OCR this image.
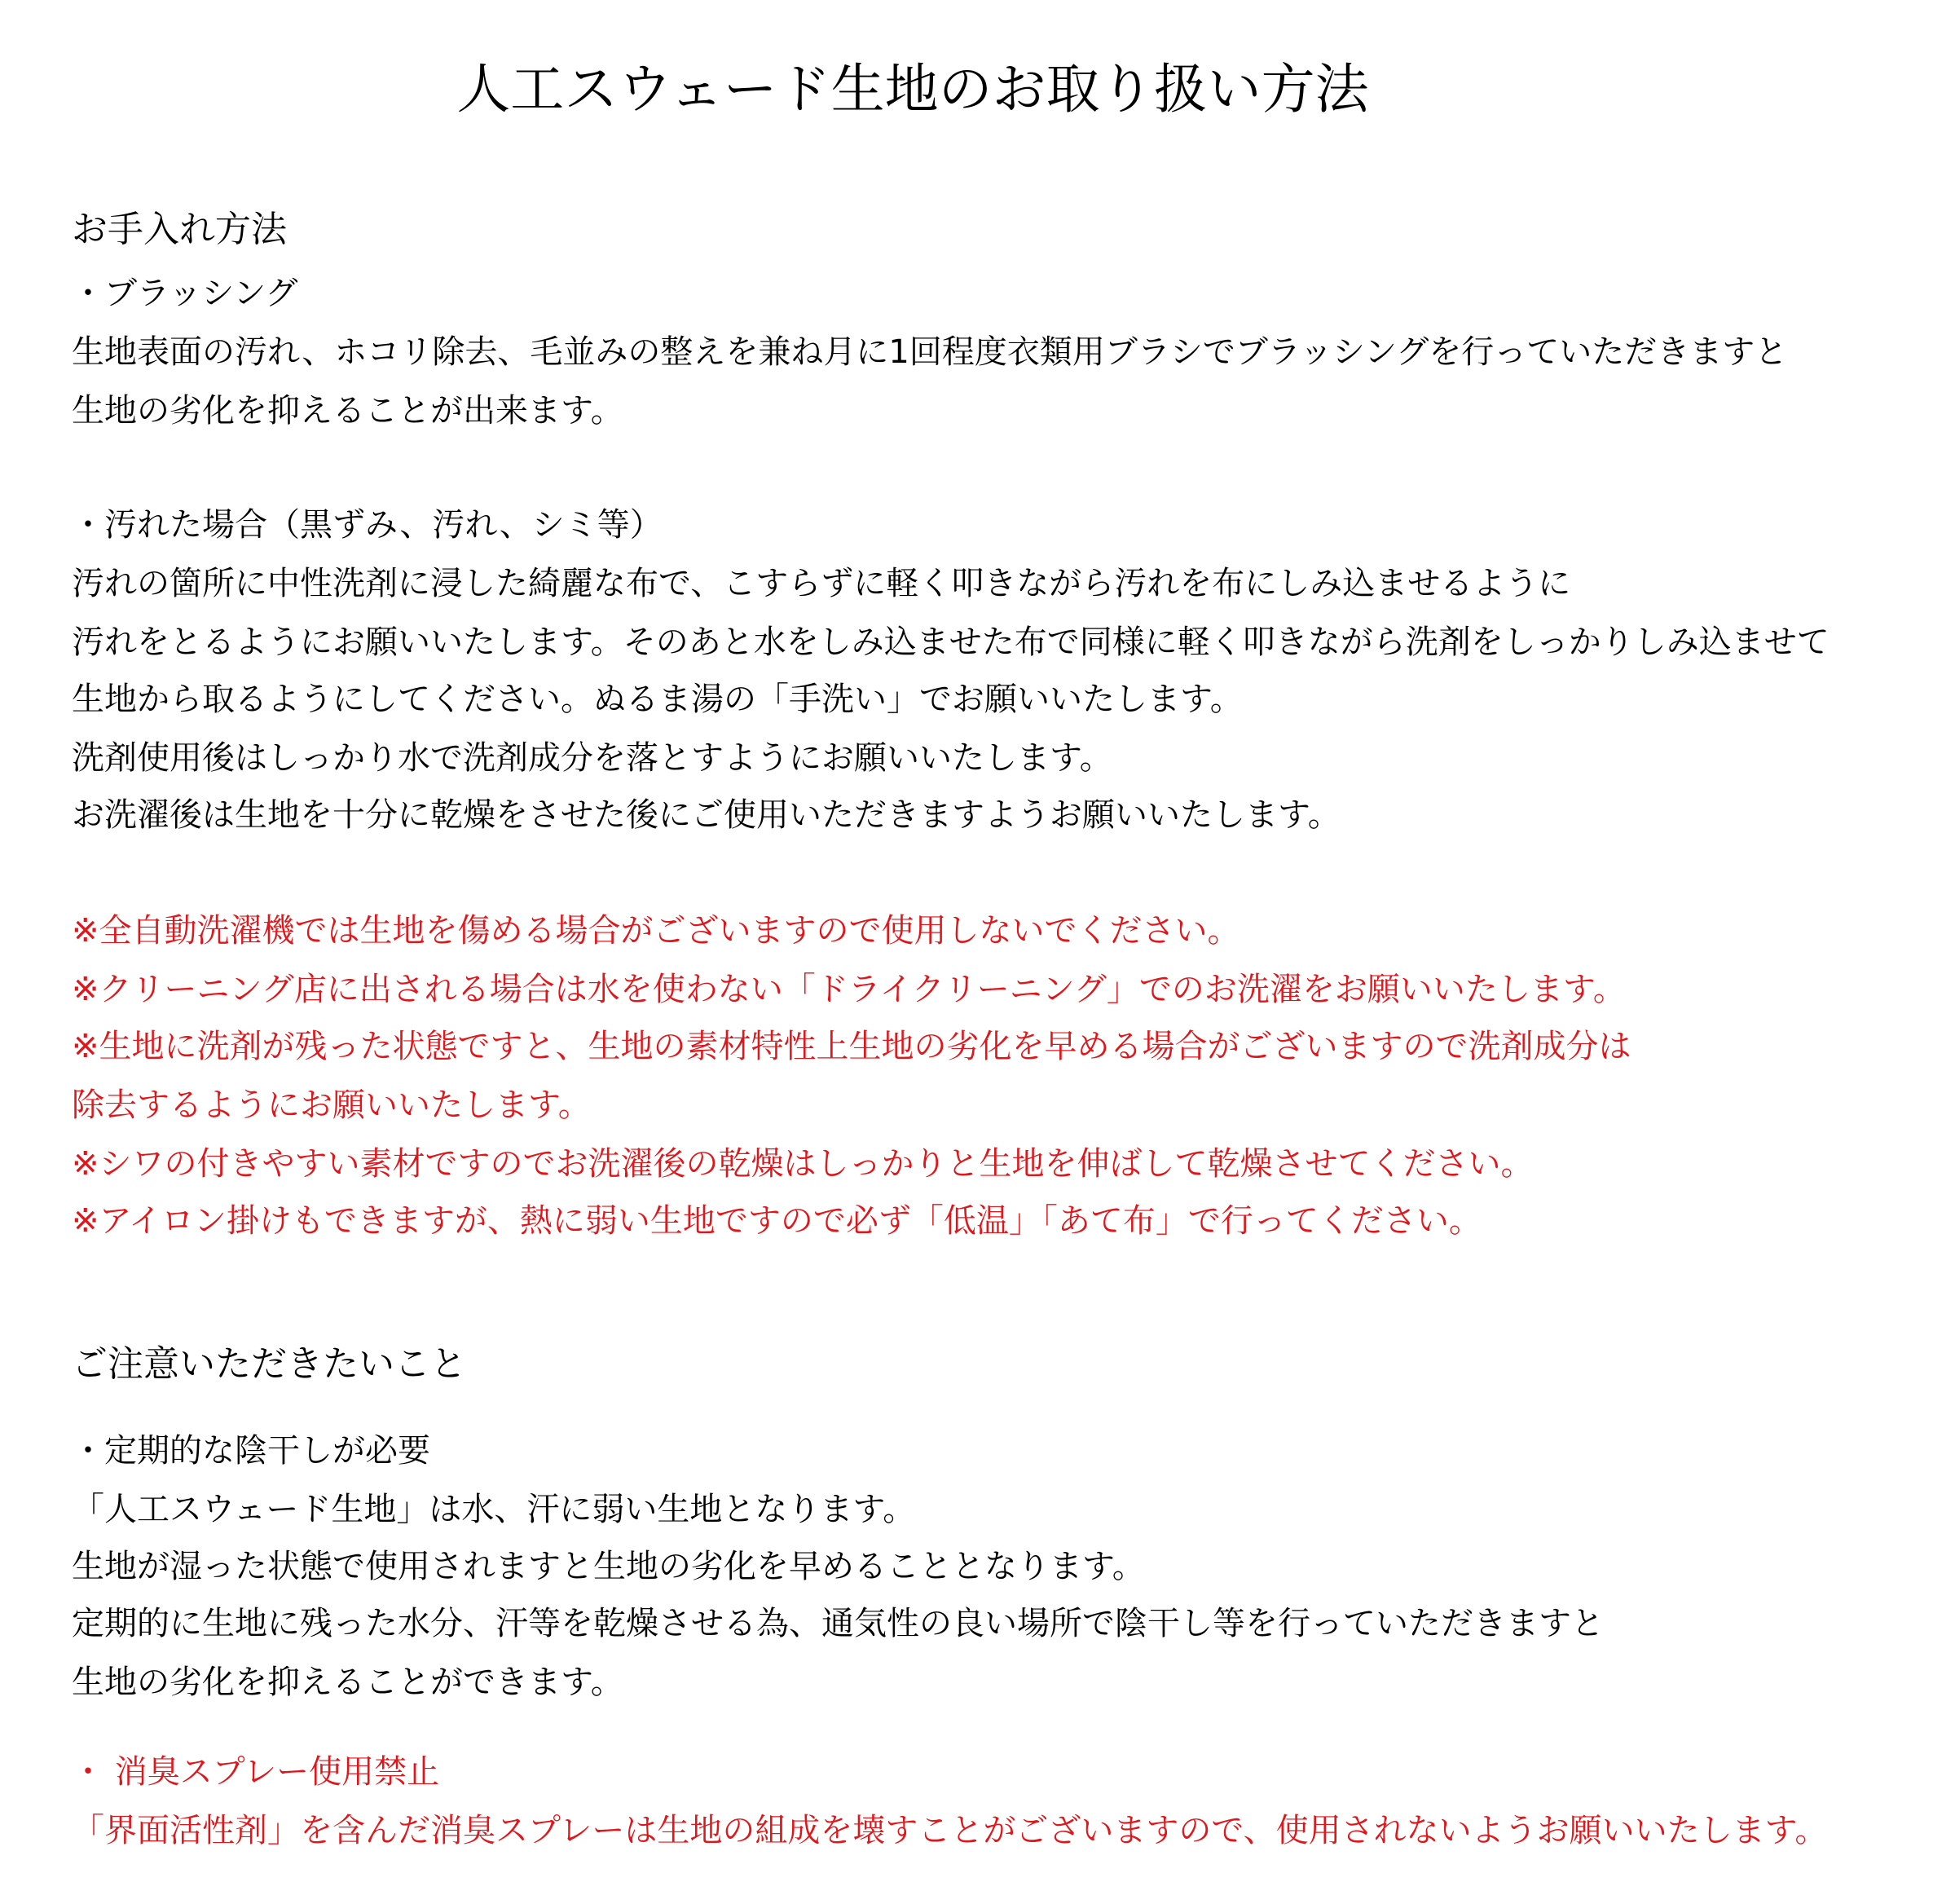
人工スウェード生地のお取り扱い方法

お手入れ方法

・ブラッシング

生地表面の汚れ、ホコリ除去、毛並みの整えを兼ね月に1回程度衣類用ブラシでブラッシングを行っていただきますと

生地の劣化を抑えることが出来ます。

・汚れた場合（黒ずみ、汚れ、シミ等）

汚れの箇所に中性洗剤に浸した綺麗な布で、こすらずに軽く叩きながら汚れを布にしみ込ませるように

汚れをとるようにお願いいたします。そのあと水をしみ込ませた布で同様に軽く叩きながら洗剤をしっかりしみ込ませて

生地から取るようにしてください。ぬるま湯の「手洗い」でお願いいたします。

洗剤使用後はしっかり水で洗剤成分を落とすようにお願いいたします。

お洗濯後は生地を十分に乾燥をさせた後にご使用いただきますようお願いいたします。

※全自動洗濯機では生地を傷める場合がございますので使用しないでください。

※クリーニング店に出される場合は水を使わない「ドライクリーニング」でのお洗濯をお願いいたします。

※生地に洗剤が残った状態ですと、生地の素材特性上生地の劣化を早める場合がございますので洗剤成分は

除去するようにお願いいたします。

※シワの付きやすい素材ですのでお洗濯後の乾燥はしっかりと生地を伸ばして乾燥させてください。

※アイロン掛けもできますが、熱に弱い生地ですので必ず「低温」「あて布」で行ってください。

ご注意いただきたいこと

・定期的な陰干しが必要

「人工スウェード生地」は水、汗に弱い生地となります。

生地が湿った状態で使用されますと生地の劣化を早めることとなります。

定期的に生地に残った水分、汗等を乾燥させる為、通気性の良い場所で陰干し等を行っていただきますと

生地の劣化を抑えることができます。

・ 消臭スプレー使用禁止

「界面活性剤」を含んだ消臭スプレーは生地の組成を壊すことがございますので、使用されないようお願いいたします。
